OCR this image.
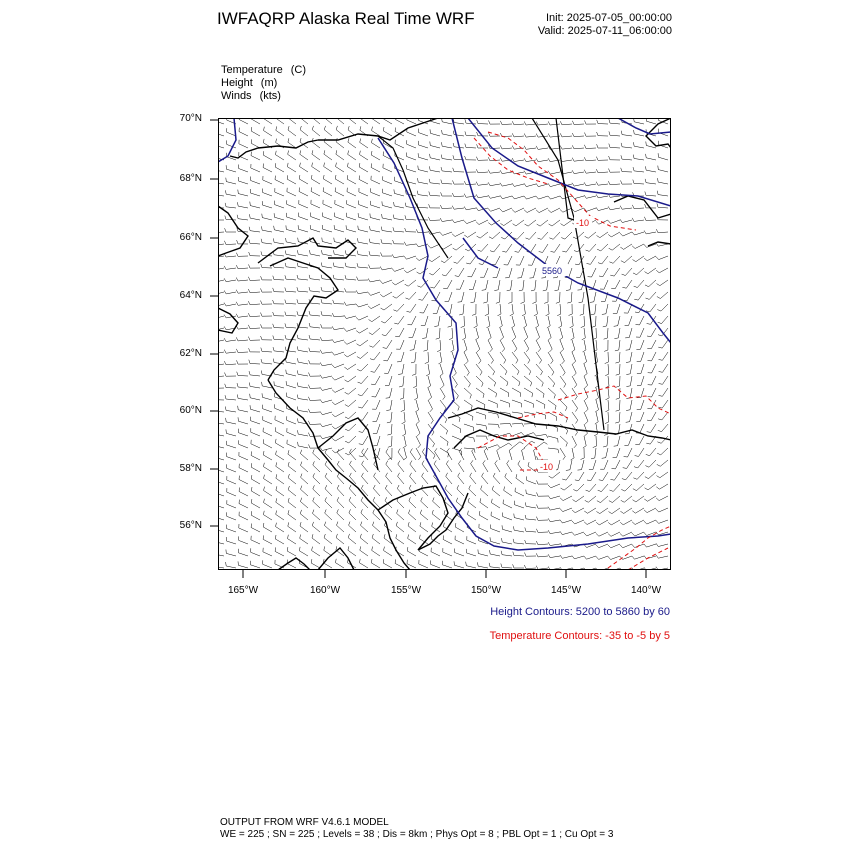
IWFAQRP Alaska Real Time WRF	Init: 2025-07-05_00:00:00
Valid: 2025-07-11_06:00:00
Temperature (C)
Height (m)
Winds (kts)
70°N
68°N
66°N
64°N
62°N
60°N
58°N
56°N
165°W	160°W	155°W	150°W	145°W	140°W
5560
-10
-10
Height Contours: 5200 to 5860 by 60
Temperature Contours: -35 to -5 by 5
OUTPUT FROM WRF V4.6.1 MODEL
WE = 225 ; SN = 225 ; Levels = 38 ; Dis = 8km ; Phys Opt = 8 ; PBL Opt = 1 ; Cu Opt = 3
